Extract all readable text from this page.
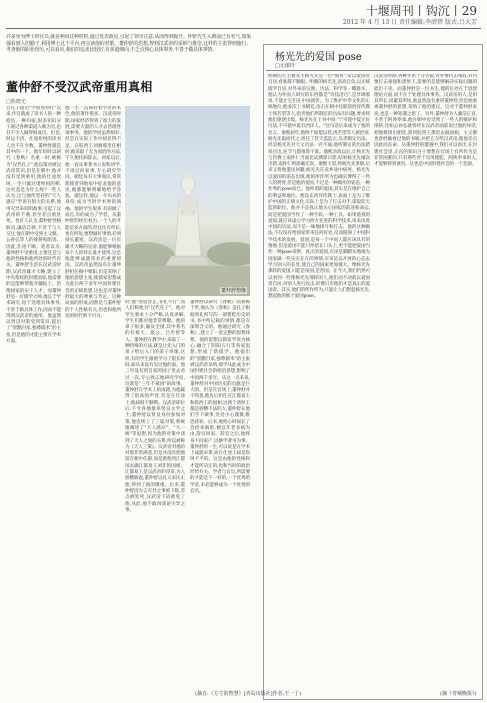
十堰周刊丨钩沉丨29
2012 年 4 月 13 日 责任编辑:李清碧 版式:吕大芳

许多身为博士的官员,就是利用这种时机,通过发表政见,引起了领导注意,从而得到提升。仲舒先生入朝前已有名气,如果强看到人的勤子,利用博士这个平台,再宣读他的对策。董仲舒的思想,得到汉武帝的采纳与推崇,这样的主张得到施行。考查他的职业经历,可以看出,我们的追求比较好,有多道细向,不乏点热心具体事务,不善于做具体事情。

董仲舒不受汉武帝重用真相
□陈晓光

自孔子提出"学而优则仕"以来,作官就成了读书人的一种抱负,一种归宿,很多知识分子通过各种渠道入朝为官,也有不少人做得很成功。但是,时运不济、仕途坎坷的读书人也不在少数。董仲舒就是其中的一个。他年轻时以研究《春秋》名重一时,被称为"汉代孔子",他以策对被汉武帝赏识,但是在朝中,他并没有受到重用,他的仕途坎坷,一生只做过诸侯国的相,这究竟是为什么呢?一些人认为,这与他所坚持的"天人感应"学说有很大的关系,他用灾异来说明政事,引起了汉武帝的不满,甚至差点被处死。也有人认为,董仲舒性格耿直,廉洁自律,不善于与人交往,他在朝中受到主父偃、公孙弘等人的排挤和陷害。因此,仕途不顺。笔者以为,董仲舒不受重用,主要还是与他的性格和他所处的时代有关。董仲舒生活在汉武帝时期,汉武帝雄才大略,建立了中央集权的封建国家,他需要的是能够帮他开疆拓土、治理国家的实干人才。而董仲舒是一位儒学大师,他长于学术研究,短于处理具体事务,不善于做具体工作,因而不能得到汉武帝的重用。他虽然以贤良对策受到赏识,提出了"罢黜百家,独尊儒术"的主张,但是他的才能主要在学术方面。

他一生一直保持着学者的本色,他的著作很多。汉武帝时期,国家经济得到了很大的发展,需要大量的人才去管理各项事务。他的学问虽然很好,但是在实际工作中却显得不足。在胶西王刘端那里任相时,他采取了无为而治的方法,不久便托病辞去。回家以后,他一直从事著书立说和讲学,不再过问家事,专心研究学问。朝廷每有大事商议,常常派使者到他家中征求他的意见,他都能够明确地给予答复。就这样,他以一介布衣的身份,成为当时学术界的领袖。他的学生很多,有的做了高官,有的成为了学者。从董仲舒的经历看出,一个人的才能是多方面的,但往往有所长,也有所短,要想做好事情,必须扬长避短。汉武帝是一位有雄才大略的皇帝,他能够根据每个人的特长量才使用,这是他能够成就伟业的重要原因。汉武帝虽然没有让董仲舒担任朝中要职,但是采纳了他的思想主张,使儒家思想成为此后两千多年中国封建社会的正统思想,这也是对董仲舒最大的尊重与肯定。这种局面的形成,固然是与董仲舒的个人性格有关,但也和他所处的时代密不可分。

董仲舒塑像

时,他"进退容止,非礼不行",而人们称他为"汉代孔子"。他对学生要求十分严格,认真讲解,学生们都对他非常尊敬。他的弟子很多,遍及全国,其中著名的有褚大、嬴公、吕步舒等人。董仲舒在教学中,采取了一种特殊的方法,就是让先入门的弟子给后入门的弟子讲课,这样,有的学生跟他学习了很长时间,却从来没有见过他的面。他三年没有到自家的园子里去看过一次,专心致志地研究学问,这就是"三年不窥园"的故事。董仲舒在学术上的成就,为他赢得了很高的声誉,但是在仕途上,他却很不顺利。汉武帝即位后,下令各地推举贤良文学之士,董仲舒以贤良身份参加对策,他连续上了三篇对策,系统地阐述了"天人感应"、"大一统"等思想,因为他的对策中谈到了天人之间的关系,所以被称为《天人三策》。汉武帝对他的对策非常满意,但是并没有把他留在朝中任职,而是派他到江都国去做江都易王刘非的国相。江都易王是汉武帝的哥哥,为人骄横跋扈,董仲舒以礼义来匡正他,得到了他的敬重。后来,董仲舒因为言灾异之事被下狱,差点被处死,汉武帝下诏赦免了他,从此,他不敢再谈论灾异之事。

董仲舒以研究《春秋》而著称于世,他认为《春秋》是孔子根据周礼所写的一部褒贬历史的书,书中所记载的事情,都是有深刻含义的。他通过研究《春秋》,建立了一套完整的思想体系。他的思想以儒家学说为核心,融合了阴阳五行等各家思想,形成了新儒学。他提出的"罢黜百家,独尊儒术"的主张被汉武帝采纳,儒学从此成为中国封建社会的统治思想,影响了中国两千多年。从这一点来说,董仲舒对中国历史的贡献是巨大的。但是在官场上,董仲舒并不得意,他先后担任过江都易王和胶西王的国相,这两个诸侯王都是骄横不法的人,董仲舒在他们手下做事,处处小心谨慎,唯恐获罪。后来,他担心时间长了会招来祸患,便以年老多病为由,辞官回家。辞官之后,他终身不问家产,以修学著书为事。董仲舒的一生,可以说是在学术上成就卓著,而在仕途上却是坎坷不平的。这是由他的性格和才能所决定的,也和当时的政治形势有关。学者与官员,所需要的才能是不一样的,一个优秀的学者,未必能够成为一个优秀的官员。

杨光先的爱国 pose
□元郁玲

明朝的天主教先生杨光先是一位"愤青",常以爱国者自居,看谁都不顺眼。明朝的杨光先,清高自负,以正统儒学自居,对外来的宗教、历法、科学等一概排斥。他认为外国人研究的东西都是"奇技淫巧",是异端邪说,不能让它们在中国流传。为了维护中华文化的正统地位,他多次上书朝廷,攻击在朝中任职的西洋传教士汤若望等人,指责他们所制定的历法有问题,要求将他们驱逐出境。杨光先在上书中说:"宁可使中夏无好历法,不可使中夏有西洋人。"这句话后来成为了他的名言。康熙初年,他终于如愿以偿,汤若望等人被治罪,杨光先取而代之,担任了钦天监监正,负责制定历法。但是杨光先对天文历法一窍不通,他所制定的历法错误百出,连节气都推算不准。康熙亲政以后,让杨光先与传教士南怀仁当面比试测算日影,结果杨光先屡次出错,南怀仁则准确无误。康熙大怒,将杨光先革职,后来又将他遣送回籍,杨光先在返乡途中病死。杨光先以爱国的姿态出现,他的所作所为也确实博得了一些人的赞誉,但是他的爱国,不过是一种做作的姿态,一种作秀的pose而已。他所谓的爱国,其实是在维护自己的利益和地位。他攻击西洋传教士,表面上是为了维护中国的正统文化,实际上是为了打击对手,谋取钦天监的职位。他并不是真正地关心国家的前途和命运,而是把爱国当作了一种手段,一种工具。如果他真的爱国,就应该虚心学习西方先进的科学技术,用来改进中国的历法,而不是一味地排斥和打击。他的这种做法,不仅没有给国家带来任何好处,反而阻碍了中国科学技术的发展。爱国,是每一个中国人都应该具有的情感,但是爱国不能只停留在口头上,更不能把爱国当作一种pose来摆。真正的爱国,应该是脚踏实地地为国家做一些实实在在的事情,应该是以开放的心态去学习别人的长处,使自己的国家更加强大。像杨光先那样的爱国,只能是误国,是害国。在今天,我们仍然可以看到一些像杨光先那样的人,他们动不动就以爱国者自居,对别人进行攻击,好像只有他们才是真正的爱国者。其实,他们的所作所为,只能让人们想起杨光先,想起他的那个爱国pose。

汉武帝时期,各种矛盾十分尖锐,对外要抗击匈奴,对内要打击豪强和诸侯王,需要的是能够解决实际问题的能臣干吏。而董仲舒是一位书生,他的长处在于思想理论方面,而不在于处理具体事务。汉武帝用人,是用其所长,而避其所短,他虽然没有重用董仲舒,但是他重视董仲舒的思想,采纳了他的建议。这对于董仲舒来说,也是一种知遇之恩了。另外,董仲舒为人廉洁正直,不善于阿谀奉承,他在朝中也受到了一些人的嫉妒和排挤,比如公孙弘就曾经在汉武帝面前说过他的坏话,把他排挤出朝廷,派到胶西王那里去做国相。主父偃也曾经偷看过他的书稿,并把它交给汉武帝,使他差点因此而丧命。从董仲舒的遭遇中,我们可以看出,在封建社会里,正直的知识分子要想在官场上有所作为是非常困难的,只有那些善于见风使舵、阿谀奉承的人,才能够得到重用。这也是中国封建社会的一个悲剧。

(摘自:《方寸的智慧》[青岛出版社]作者:王一丁)	(摘《青城晚报》)
